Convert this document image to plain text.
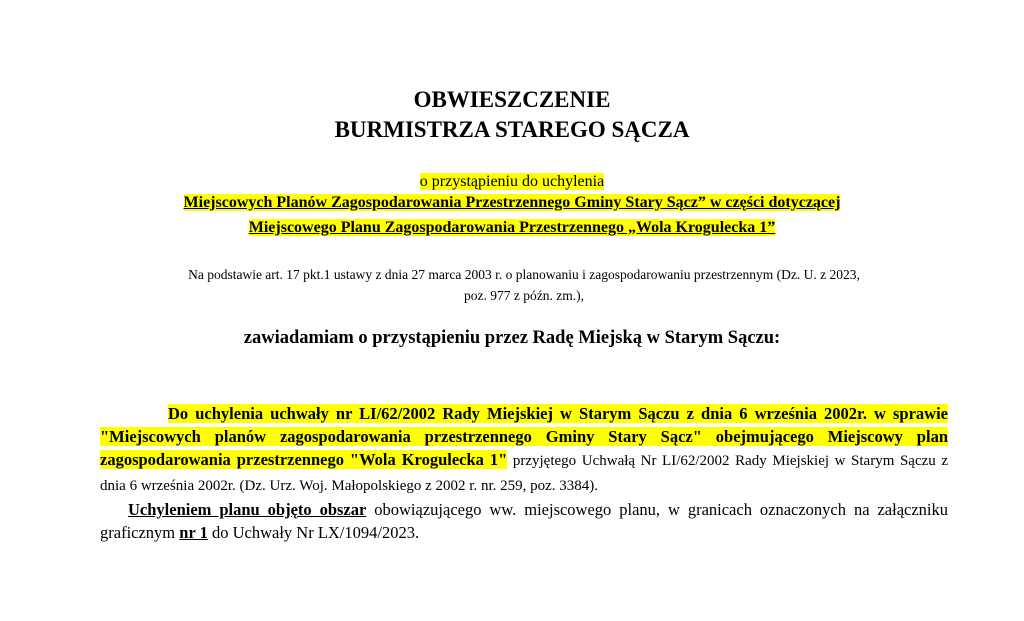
OBWIESZCZENIE
BURMISTRZA STAREGO SĄCZA
o przystąpieniu do uchylenia
Miejscowych Planów Zagospodarowania Przestrzennego Gminy Stary Sącz” w części dotyczącej
Miejscowego Planu Zagospodarowania Przestrzennego „Wola Krogulecka 1”
Na podstawie art. 17 pkt.1 ustawy z dnia 27 marca 2003 r. o planowaniu i zagospodarowaniu przestrzennym (Dz. U. z 2023,
poz. 977 z późn. zm.),
zawiadamiam o przystąpieniu przez Radę Miejską w Starym Sączu:

Do uchylenia uchwały nr LI/62/2002 Rady Miejskiej w Starym Sączu z dnia 6 września 2002r. w sprawie "Miejscowych planów zagospodarowania przestrzennego Gminy Stary Sącz" obejmującego Miejscowy plan zagospodarowania przestrzennego "Wola Krogulecka 1" przyjętego Uchwałą Nr LI/62/2002 Rady Miejskiej w Starym Sączu z dnia 6 września 2002r. (Dz. Urz. Woj. Małopolskiego z 2002 r. nr. 259, poz. 3384).

Uchyleniem planu objęto obszar obowiązującego ww. miejscowego planu, w granicach oznaczonych na załączniku graficznym nr 1 do Uchwały Nr LX/1094/2023.
